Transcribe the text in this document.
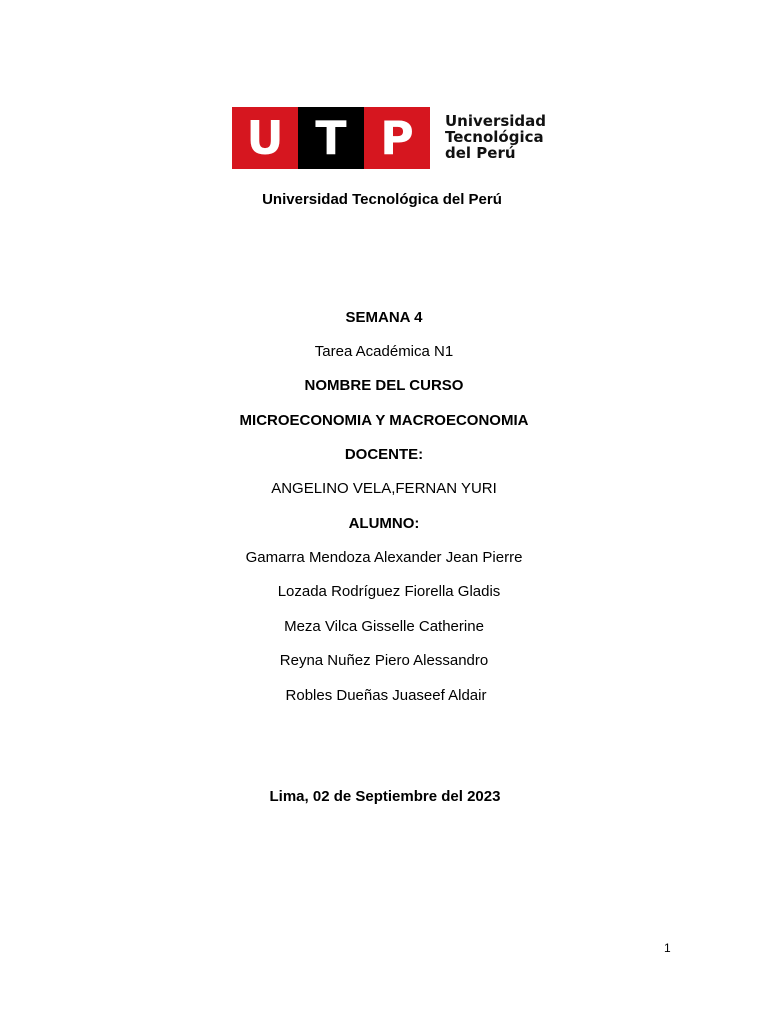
U T P	Universidad
Tecnológica
del Perú
Universidad Tecnológica del Perú
SEMANA 4
Tarea Académica N1
NOMBRE DEL CURSO
MICROECONOMIA Y MACROECONOMIA
DOCENTE:
ANGELINO VELA,FERNAN YURI
ALUMNO:
Gamarra Mendoza Alexander Jean Pierre
Lozada Rodríguez Fiorella Gladis
Meza Vilca Gisselle Catherine
Reyna Nuñez Piero Alessandro
Robles Dueñas Juaseef Aldair
Lima, 02 de Septiembre del 2023
1
